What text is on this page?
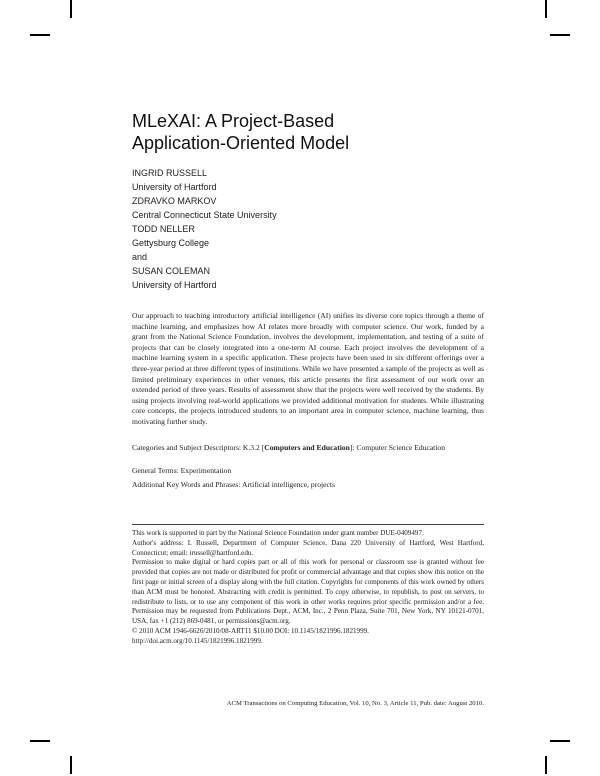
MLeXAI: A Project-Based
Application-Oriented Model
INGRID RUSSELL
University of Hartford
ZDRAVKO MARKOV
Central Connecticut State University
TODD NELLER
Gettysburg College
and
SUSAN COLEMAN
University of Hartford

Our approach to teaching introductory artificial intelligence (AI) unifies its diverse core topics through a theme of machine learning, and emphasizes how AI relates more broadly with computer science. Our work, funded by a grant from the National Science Foundation, involves the development, implementation, and testing of a suite of projects that can be closely integrated into a one-term AI course. Each project involves the development of a machine learning system in a specific application. These projects have been used in six different offerings over a three-year period at three different types of institutions. While we have presented a sample of the projects as well as limited preliminary experiences in other venues, this article presents the first assessment of our work over an extended period of three years. Results of assessment show that the projects were well received by the students. By using projects involving real-world applications we provided additional motivation for students. While illustrating core concepts, the projects introduced students to an important area in computer science, machine learning, thus motivating further study.

Categories and Subject Descriptors: K.3.2 [Computers and Education]: Computer Science Education

General Terms: Experimentation

Additional Key Words and Phrases: Artificial intelligence, projects

This work is supported in part by the National Science Foundation under grant number DUE-0409497.

Author's address: I. Russell, Department of Computer Science, Dana 220 University of Hartford, West Hartford, Connecticut; email: irussell@hartford.edu.

Permission to make digital or hard copies part or all of this work for personal or classroom use is granted without fee provided that copies are not made or distributed for profit or commercial advantage and that copies show this notice on the first page or initial screen of a display along with the full citation. Copyrights for components of this work owned by others than ACM must be honored. Abstracting with credit is permitted. To copy otherwise, to republish, to post on servers, to redistribute to lists, or to use any component of this work in other works requires prior specific permission and/or a fee. Permission may be requested from Publications Dept., ACM, Inc., 2 Penn Plaza, Suite 701, New York, NY 10121-0701, USA, fax +1 (212) 869-0481, or permissions@acm.org.

© 2010 ACM 1946-6626/2010/08-ART11 $10.00 DOI: 10.1145/1821996.1821999.

http://doi.acm.org/10.1145/1821996.1821999.

ACM Transactions on Computing Education, Vol. 10, No. 3, Article 11, Pub. date: August 2010.
